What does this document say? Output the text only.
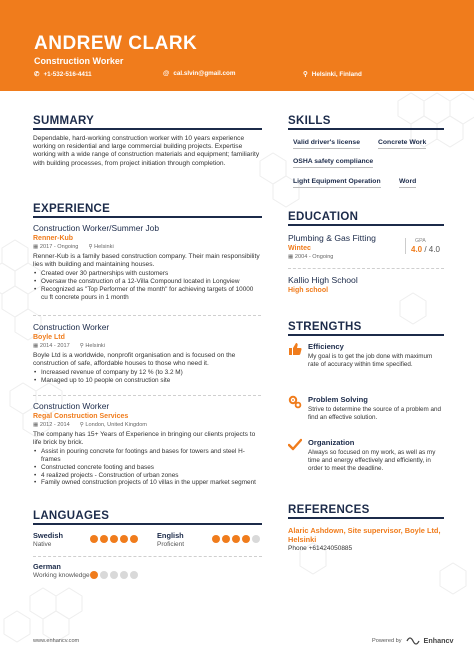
ANDREW CLARK
Construction Worker
✆ +1-532-516-4411	@ cal.slvin@gmail.com	⚲ Helsinki, Finland
SUMMARY
Dependable, hard-working construction worker with 10 years experience working on residential and large commercial building projects. Expertise working with a wide range of construction materials and equipment; familiarity with building processes, from project initiation through completion.
EXPERIENCE
Construction Worker/Summer Job
Renner-Kub
▦ 2017 - Ongoing ⚲ Helsinki
Renner-Kub is a family based construction company. Their main responsibility lies with building and maintaining houses.
• Created over 30 partnerships with customers
• Oversaw the construction of a 12-Villa Compound located in Longview
• Recognized as "Top Performer of the month" for achieving targets of 10000 cu ft concrete pours in 1 month
Construction Worker
Boyle Ltd
▦ 2014 - 2017 ⚲ Helsinki
Boyle Ltd is a worldwide, nonprofit organisation and is focused on the construction of safe, affordable houses to those who need it.
• Increased revenue of company by 12 % (to 3.2 M)
• Managed up to 10 people on construction site
Construction Worker
Regal Construction Services
▦ 2012 - 2014 ⚲ London, United Kingdom
The company has 15+ Years of Experience in bringing our clients projects to life brick by brick.
• Assist in pouring concrete for footings and bases for towers and steel H-frames
• Constructed concrete footing and bases
• 4 realized projects - Construction of urban zones
• Family owned construction projects of 10 villas in the upper market segment
LANGUAGES
Swedish
Native
English
Proficient
German
Working knowledge
SKILLS
Valid driver's license	Concrete Work
OSHA safety compliance
Light Equipment Operation	Word
EDUCATION
Plumbing & Gas Fitting
Wintec
▦ 2004 - Ongoing
GPA
4.0 / 4.0
Kallio High School
High school
STRENGTHS
Efficiency
My goal is to get the job done with maximum rate of accuracy within time specified.
Problem Solving
Strive to determine the source of a problem and find an effective solution.
Organization
Always so focused on my work, as well as my time and energy effectively and efficiently, in order to meet the deadline.
REFERENCES
Alaric Ashdown, Site supervisor, Boyle Ltd, Helsinki
Phone +61424050885
www.enhancv.com	Powered by	Enhancv
